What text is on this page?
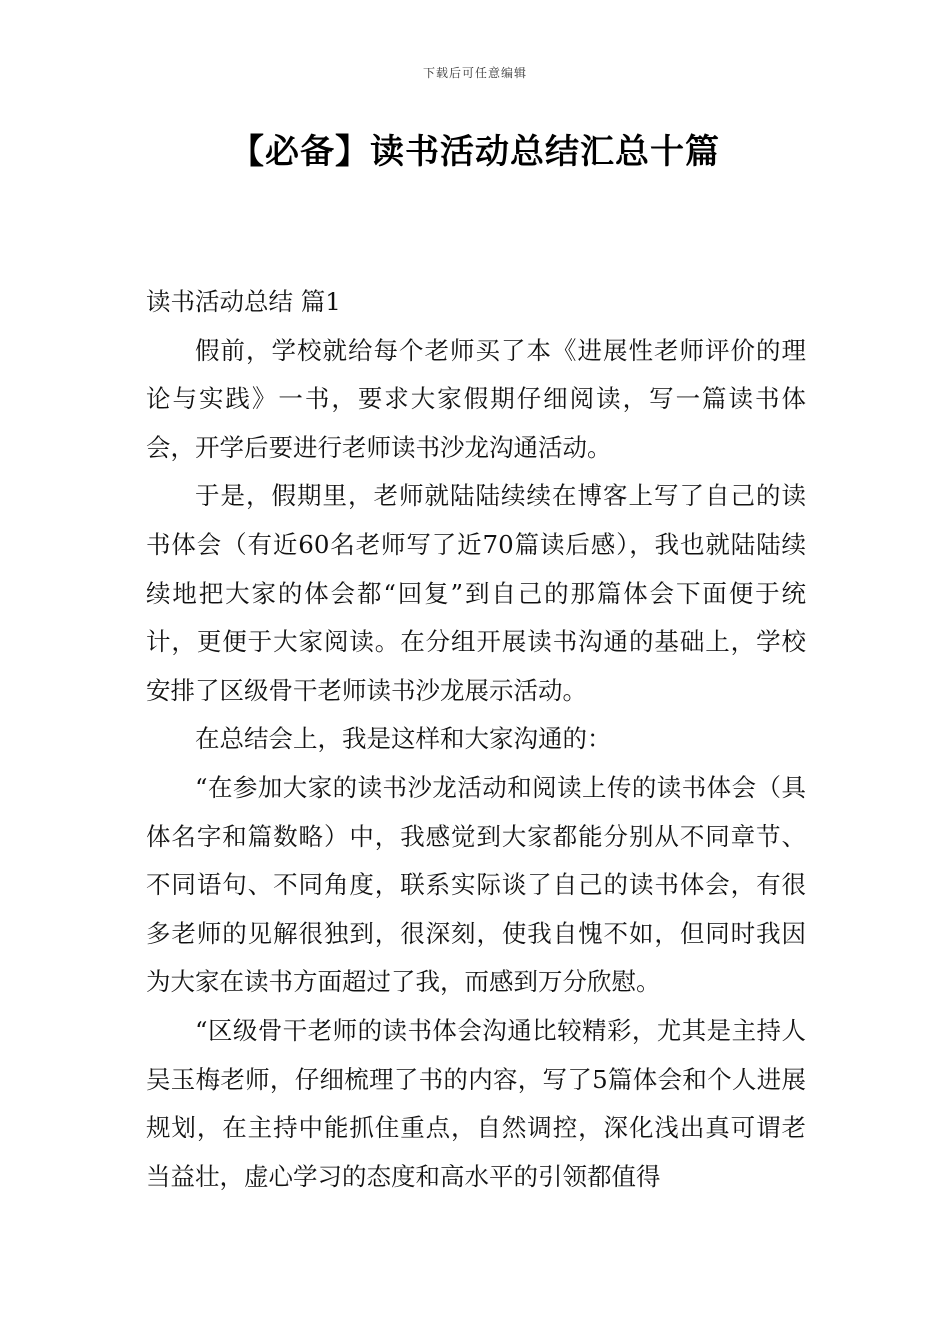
下载后可任意编辑
【必备】读书活动总结汇总十篇

读书活动总结 篇1

假前，学校就给每个老师买了本《进展性老师评价的理论与实践》一书，要求大家假期仔细阅读，写一篇读书体会，开学后要进行老师读书沙龙沟通活动。

于是，假期里，老师就陆陆续续在博客上写了自己的读书体会（有近60名老师写了近70篇读后感），我也就陆陆续续地把大家的体会都“回复”到自己的那篇体会下面便于统计，更便于大家阅读。在分组开展读书沟通的基础上，学校安排了区级骨干老师读书沙龙展示活动。

在总结会上，我是这样和大家沟通的：

“在参加大家的读书沙龙活动和阅读上传的读书体会（具体名字和篇数略）中，我感觉到大家都能分别从不同章节、不同语句、不同角度，联系实际谈了自己的读书体会，有很多老师的见解很独到，很深刻，使我自愧不如，但同时我因为大家在读书方面超过了我，而感到万分欣慰。

“区级骨干老师的读书体会沟通比较精彩，尤其是主持人吴玉梅老师，仔细梳理了书的内容，写了5篇体会和个人进展规划，在主持中能抓住重点，自然调控，深化浅出真可谓老当益壮，虚心学习的态度和高水平的引领都值得
